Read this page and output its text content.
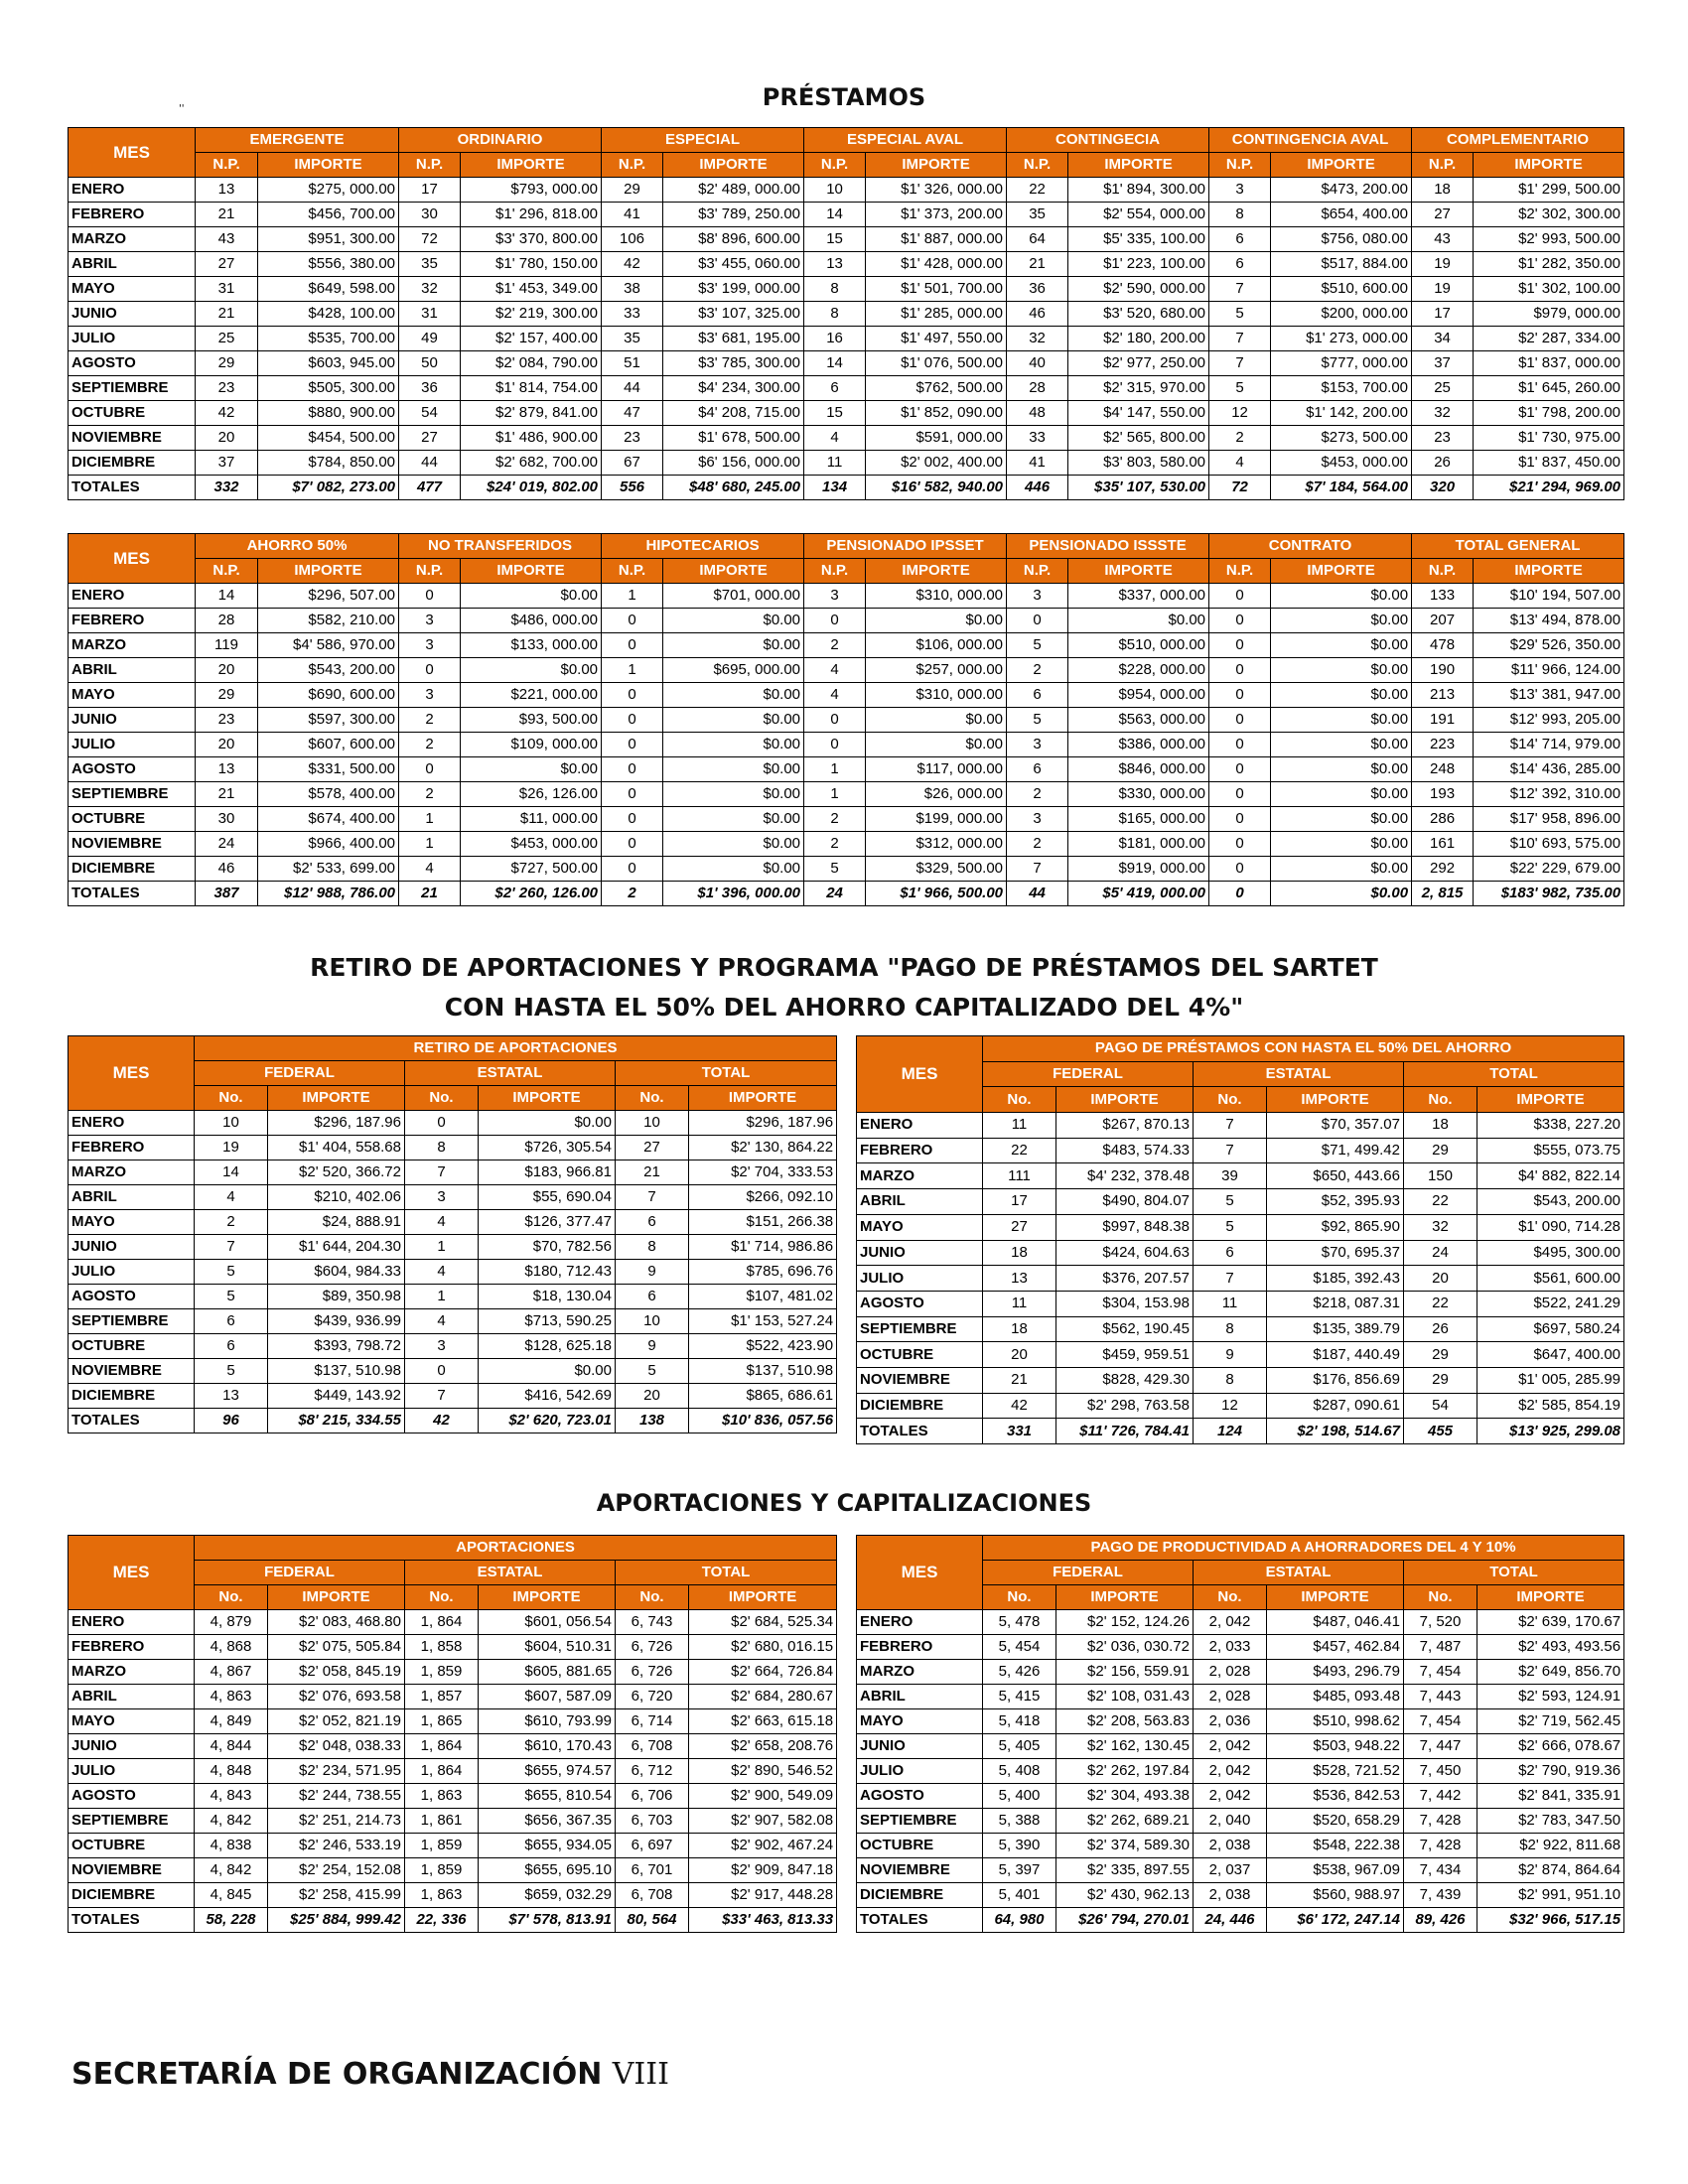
''	PRÉSTAMOS
MES	EMERGENTE		ORDINARIO		ESPECIAL		ESPECIAL AVAL		CONTINGECIA		CONTINGENCIA AVAL		COMPLEMENTARIO	
	N.P.	IMPORTE	N.P.	IMPORTE	N.P.	IMPORTE	N.P.	IMPORTE	N.P.	IMPORTE	N.P.	IMPORTE	N.P.	IMPORTE
ENERO	13	$275, 000.00	17	$793, 000.00	29	$2' 489, 000.00	10	$1' 326, 000.00	22	$1' 894, 300.00	3	$473, 200.00	18	$1' 299, 500.00
FEBRERO	21	$456, 700.00	30	$1' 296, 818.00	41	$3' 789, 250.00	14	$1' 373, 200.00	35	$2' 554, 000.00	8	$654, 400.00	27	$2' 302, 300.00
MARZO	43	$951, 300.00	72	$3' 370, 800.00	106	$8' 896, 600.00	15	$1' 887, 000.00	64	$5' 335, 100.00	6	$756, 080.00	43	$2' 993, 500.00
ABRIL	27	$556, 380.00	35	$1' 780, 150.00	42	$3' 455, 060.00	13	$1' 428, 000.00	21	$1' 223, 100.00	6	$517, 884.00	19	$1' 282, 350.00
MAYO	31	$649, 598.00	32	$1' 453, 349.00	38	$3' 199, 000.00	8	$1' 501, 700.00	36	$2' 590, 000.00	7	$510, 600.00	19	$1' 302, 100.00
JUNIO	21	$428, 100.00	31	$2' 219, 300.00	33	$3' 107, 325.00	8	$1' 285, 000.00	46	$3' 520, 680.00	5	$200, 000.00	17	$979, 000.00
JULIO	25	$535, 700.00	49	$2' 157, 400.00	35	$3' 681, 195.00	16	$1' 497, 550.00	32	$2' 180, 200.00	7	$1' 273, 000.00	34	$2' 287, 334.00
AGOSTO	29	$603, 945.00	50	$2' 084, 790.00	51	$3' 785, 300.00	14	$1' 076, 500.00	40	$2' 977, 250.00	7	$777, 000.00	37	$1' 837, 000.00
SEPTIEMBRE	23	$505, 300.00	36	$1' 814, 754.00	44	$4' 234, 300.00	6	$762, 500.00	28	$2' 315, 970.00	5	$153, 700.00	25	$1' 645, 260.00
OCTUBRE	42	$880, 900.00	54	$2' 879, 841.00	47	$4' 208, 715.00	15	$1' 852, 090.00	48	$4' 147, 550.00	12	$1' 142, 200.00	32	$1' 798, 200.00
NOVIEMBRE	20	$454, 500.00	27	$1' 486, 900.00	23	$1' 678, 500.00	4	$591, 000.00	33	$2' 565, 800.00	2	$273, 500.00	23	$1' 730, 975.00
DICIEMBRE	37	$784, 850.00	44	$2' 682, 700.00	67	$6' 156, 000.00	11	$2' 002, 400.00	41	$3' 803, 580.00	4	$453, 000.00	26	$1' 837, 450.00
TOTALES	332	$7' 082, 273.00	477	$24' 019, 802.00	556	$48' 680, 245.00	134	$16' 582, 940.00	446	$35' 107, 530.00	72	$7' 184, 564.00	320	$21' 294, 969.00
MES	AHORRO 50%		NO TRANSFERIDOS		HIPOTECARIOS		PENSIONADO IPSSET		PENSIONADO ISSSTE		CONTRATO		TOTAL GENERAL	
	N.P.	IMPORTE	N.P.	IMPORTE	N.P.	IMPORTE	N.P.	IMPORTE	N.P.	IMPORTE	N.P.	IMPORTE	N.P.	IMPORTE
ENERO	14	$296, 507.00	0	$0.00	1	$701, 000.00	3	$310, 000.00	3	$337, 000.00	0	$0.00	133	$10' 194, 507.00
FEBRERO	28	$582, 210.00	3	$486, 000.00	0	$0.00	0	$0.00	0	$0.00	0	$0.00	207	$13' 494, 878.00
MARZO	119	$4' 586, 970.00	3	$133, 000.00	0	$0.00	2	$106, 000.00	5	$510, 000.00	0	$0.00	478	$29' 526, 350.00
ABRIL	20	$543, 200.00	0	$0.00	1	$695, 000.00	4	$257, 000.00	2	$228, 000.00	0	$0.00	190	$11' 966, 124.00
MAYO	29	$690, 600.00	3	$221, 000.00	0	$0.00	4	$310, 000.00	6	$954, 000.00	0	$0.00	213	$13' 381, 947.00
JUNIO	23	$597, 300.00	2	$93, 500.00	0	$0.00	0	$0.00	5	$563, 000.00	0	$0.00	191	$12' 993, 205.00
JULIO	20	$607, 600.00	2	$109, 000.00	0	$0.00	0	$0.00	3	$386, 000.00	0	$0.00	223	$14' 714, 979.00
AGOSTO	13	$331, 500.00	0	$0.00	0	$0.00	1	$117, 000.00	6	$846, 000.00	0	$0.00	248	$14' 436, 285.00
SEPTIEMBRE	21	$578, 400.00	2	$26, 126.00	0	$0.00	1	$26, 000.00	2	$330, 000.00	0	$0.00	193	$12' 392, 310.00
OCTUBRE	30	$674, 400.00	1	$11, 000.00	0	$0.00	2	$199, 000.00	3	$165, 000.00	0	$0.00	286	$17' 958, 896.00
NOVIEMBRE	24	$966, 400.00	1	$453, 000.00	0	$0.00	2	$312, 000.00	2	$181, 000.00	0	$0.00	161	$10' 693, 575.00
DICIEMBRE	46	$2' 533, 699.00	4	$727, 500.00	0	$0.00	5	$329, 500.00	7	$919, 000.00	0	$0.00	292	$22' 229, 679.00
TOTALES	387	$12' 988, 786.00	21	$2' 260, 126.00	2	$1' 396, 000.00	24	$1' 966, 500.00	44	$5' 419, 000.00	0	$0.00	2, 815	$183' 982, 735.00
RETIRO DE APORTACIONES Y PROGRAMA "PAGO DE PRÉSTAMOS DEL SARTET
CON HASTA EL 50% DEL AHORRO CAPITALIZADO DEL 4%"
MES	RETIRO DE APORTACIONES					
	FEDERAL		ESTATAL		TOTAL	
	No.	IMPORTE	No.	IMPORTE	No.	IMPORTE
ENERO	10	$296, 187.96	0	$0.00	10	$296, 187.96
FEBRERO	19	$1' 404, 558.68	8	$726, 305.54	27	$2' 130, 864.22
MARZO	14	$2' 520, 366.72	7	$183, 966.81	21	$2' 704, 333.53
ABRIL	4	$210, 402.06	3	$55, 690.04	7	$266, 092.10
MAYO	2	$24, 888.91	4	$126, 377.47	6	$151, 266.38
JUNIO	7	$1' 644, 204.30	1	$70, 782.56	8	$1' 714, 986.86
JULIO	5	$604, 984.33	4	$180, 712.43	9	$785, 696.76
AGOSTO	5	$89, 350.98	1	$18, 130.04	6	$107, 481.02
SEPTIEMBRE	6	$439, 936.99	4	$713, 590.25	10	$1' 153, 527.24
OCTUBRE	6	$393, 798.72	3	$128, 625.18	9	$522, 423.90
NOVIEMBRE	5	$137, 510.98	0	$0.00	5	$137, 510.98
DICIEMBRE	13	$449, 143.92	7	$416, 542.69	20	$865, 686.61
TOTALES	96	$8' 215, 334.55	42	$2' 620, 723.01	138	$10' 836, 057.56
MES	PAGO DE PRÉSTAMOS CON HASTA EL 50% DEL AHORRO					
	FEDERAL		ESTATAL		TOTAL	
	No.	IMPORTE	No.	IMPORTE	No.	IMPORTE
ENERO	11	$267, 870.13	7	$70, 357.07	18	$338, 227.20
FEBRERO	22	$483, 574.33	7	$71, 499.42	29	$555, 073.75
MARZO	111	$4' 232, 378.48	39	$650, 443.66	150	$4' 882, 822.14
ABRIL	17	$490, 804.07	5	$52, 395.93	22	$543, 200.00
MAYO	27	$997, 848.38	5	$92, 865.90	32	$1' 090, 714.28
JUNIO	18	$424, 604.63	6	$70, 695.37	24	$495, 300.00
JULIO	13	$376, 207.57	7	$185, 392.43	20	$561, 600.00
AGOSTO	11	$304, 153.98	11	$218, 087.31	22	$522, 241.29
SEPTIEMBRE	18	$562, 190.45	8	$135, 389.79	26	$697, 580.24
OCTUBRE	20	$459, 959.51	9	$187, 440.49	29	$647, 400.00
NOVIEMBRE	21	$828, 429.30	8	$176, 856.69	29	$1' 005, 285.99
DICIEMBRE	42	$2' 298, 763.58	12	$287, 090.61	54	$2' 585, 854.19
TOTALES	331	$11' 726, 784.41	124	$2' 198, 514.67	455	$13' 925, 299.08
APORTACIONES Y CAPITALIZACIONES
MES	APORTACIONES					
	FEDERAL		ESTATAL		TOTAL	
	No.	IMPORTE	No.	IMPORTE	No.	IMPORTE
ENERO	4, 879	$2' 083, 468.80	1, 864	$601, 056.54	6, 743	$2' 684, 525.34
FEBRERO	4, 868	$2' 075, 505.84	1, 858	$604, 510.31	6, 726	$2' 680, 016.15
MARZO	4, 867	$2' 058, 845.19	1, 859	$605, 881.65	6, 726	$2' 664, 726.84
ABRIL	4, 863	$2' 076, 693.58	1, 857	$607, 587.09	6, 720	$2' 684, 280.67
MAYO	4, 849	$2' 052, 821.19	1, 865	$610, 793.99	6, 714	$2' 663, 615.18
JUNIO	4, 844	$2' 048, 038.33	1, 864	$610, 170.43	6, 708	$2' 658, 208.76
JULIO	4, 848	$2' 234, 571.95	1, 864	$655, 974.57	6, 712	$2' 890, 546.52
AGOSTO	4, 843	$2' 244, 738.55	1, 863	$655, 810.54	6, 706	$2' 900, 549.09
SEPTIEMBRE	4, 842	$2' 251, 214.73	1, 861	$656, 367.35	6, 703	$2' 907, 582.08
OCTUBRE	4, 838	$2' 246, 533.19	1, 859	$655, 934.05	6, 697	$2' 902, 467.24
NOVIEMBRE	4, 842	$2' 254, 152.08	1, 859	$655, 695.10	6, 701	$2' 909, 847.18
DICIEMBRE	4, 845	$2' 258, 415.99	1, 863	$659, 032.29	6, 708	$2' 917, 448.28
TOTALES	58, 228	$25' 884, 999.42	22, 336	$7' 578, 813.91	80, 564	$33' 463, 813.33
MES	PAGO DE PRODUCTIVIDAD A AHORRADORES DEL 4 Y 10%					
	FEDERAL		ESTATAL		TOTAL	
	No.	IMPORTE	No.	IMPORTE	No.	IMPORTE
ENERO	5, 478	$2' 152, 124.26	2, 042	$487, 046.41	7, 520	$2' 639, 170.67
FEBRERO	5, 454	$2' 036, 030.72	2, 033	$457, 462.84	7, 487	$2' 493, 493.56
MARZO	5, 426	$2' 156, 559.91	2, 028	$493, 296.79	7, 454	$2' 649, 856.70
ABRIL	5, 415	$2' 108, 031.43	2, 028	$485, 093.48	7, 443	$2' 593, 124.91
MAYO	5, 418	$2' 208, 563.83	2, 036	$510, 998.62	7, 454	$2' 719, 562.45
JUNIO	5, 405	$2' 162, 130.45	2, 042	$503, 948.22	7, 447	$2' 666, 078.67
JULIO	5, 408	$2' 262, 197.84	2, 042	$528, 721.52	7, 450	$2' 790, 919.36
AGOSTO	5, 400	$2' 304, 493.38	2, 042	$536, 842.53	7, 442	$2' 841, 335.91
SEPTIEMBRE	5, 388	$2' 262, 689.21	2, 040	$520, 658.29	7, 428	$2' 783, 347.50
OCTUBRE	5, 390	$2' 374, 589.30	2, 038	$548, 222.38	7, 428	$2' 922, 811.68
NOVIEMBRE	5, 397	$2' 335, 897.55	2, 037	$538, 967.09	7, 434	$2' 874, 864.64
DICIEMBRE	5, 401	$2' 430, 962.13	2, 038	$560, 988.97	7, 439	$2' 991, 951.10
TOTALES	64, 980	$26' 794, 270.01	24, 446	$6' 172, 247.14	89, 426	$32' 966, 517.15
SECRETARÍA DE ORGANIZACIÓN VIII
